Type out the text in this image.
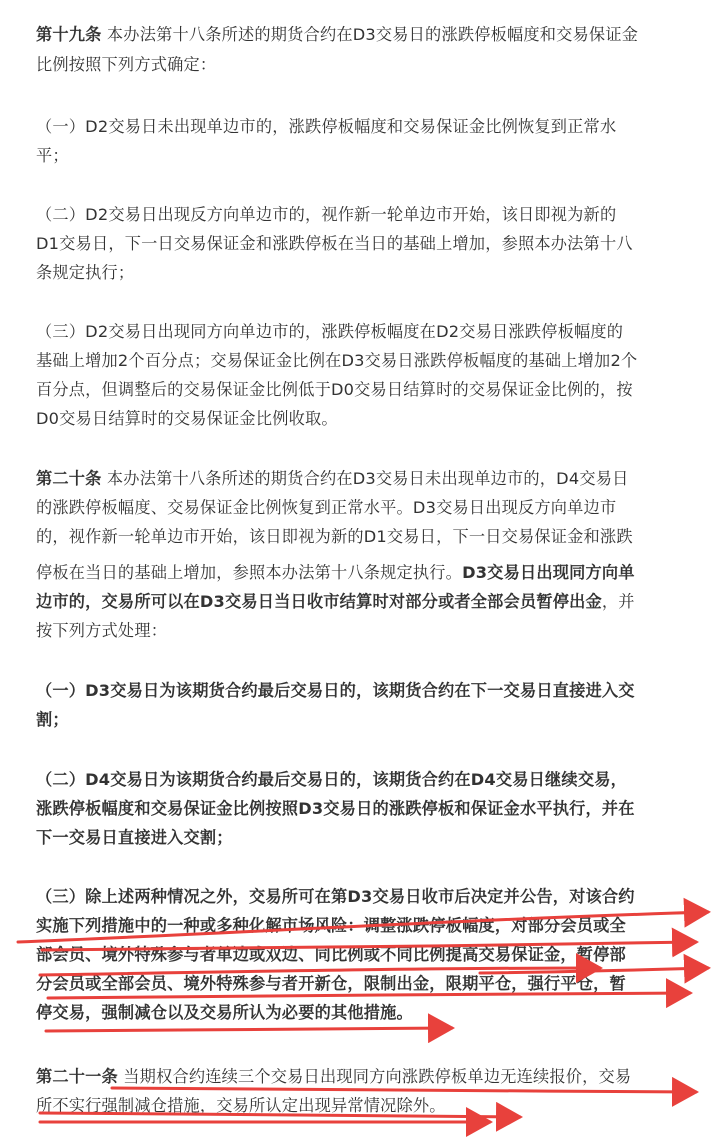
第十九条 本办法第十八条所述的期货合约在D3交易日的涨跌停板幅度和交易保证金

比例按照下列方式确定：

（一）D2交易日未出现单边市的，涨跌停板幅度和交易保证金比例恢复到正常水

平；

（二）D2交易日出现反方向单边市的，视作新一轮单边市开始，该日即视为新的

D1交易日，下一日交易保证金和涨跌停板在当日的基础上增加，参照本办法第十八

条规定执行；

（三）D2交易日出现同方向单边市的，涨跌停板幅度在D2交易日涨跌停板幅度的

基础上增加2个百分点；交易保证金比例在D3交易日涨跌停板幅度的基础上增加2个

百分点，但调整后的交易保证金比例低于D0交易日结算时的交易保证金比例的，按

D0交易日结算时的交易保证金比例收取。

第二十条 本办法第十八条所述的期货合约在D3交易日未出现单边市的，D4交易日

的涨跌停板幅度、交易保证金比例恢复到正常水平。D3交易日出现反方向单边市

的，视作新一轮单边市开始，该日即视为新的D1交易日，下一日交易保证金和涨跌

停板在当日的基础上增加，参照本办法第十八条规定执行。D3交易日出现同方向单

边市的，交易所可以在D3交易日当日收市结算时对部分或者全部会员暂停出金，并

按下列方式处理：

（一）D3交易日为该期货合约最后交易日的，该期货合约在下一交易日直接进入交

割；

（二）D4交易日为该期货合约最后交易日的，该期货合约在D4交易日继续交易，

涨跌停板幅度和交易保证金比例按照D3交易日的涨跌停板和保证金水平执行，并在

下一交易日直接进入交割；

（三）除上述两种情况之外，交易所可在第D3交易日收市后决定并公告，对该合约

实施下列措施中的一种或多种化解市场风险：调整涨跌停板幅度，对部分会员或全

部会员、境外特殊参与者单边或双边、同比例或不同比例提高交易保证金，暂停部

分会员或全部会员、境外特殊参与者开新仓，限制出金，限期平仓，强行平仓，暂

停交易，强制减仓以及交易所认为必要的其他措施。

第二十一条 当期权合约连续三个交易日出现同方向涨跌停板单边无连续报价，交易

所不实行强制减仓措施，交易所认定出现异常情况除外。
